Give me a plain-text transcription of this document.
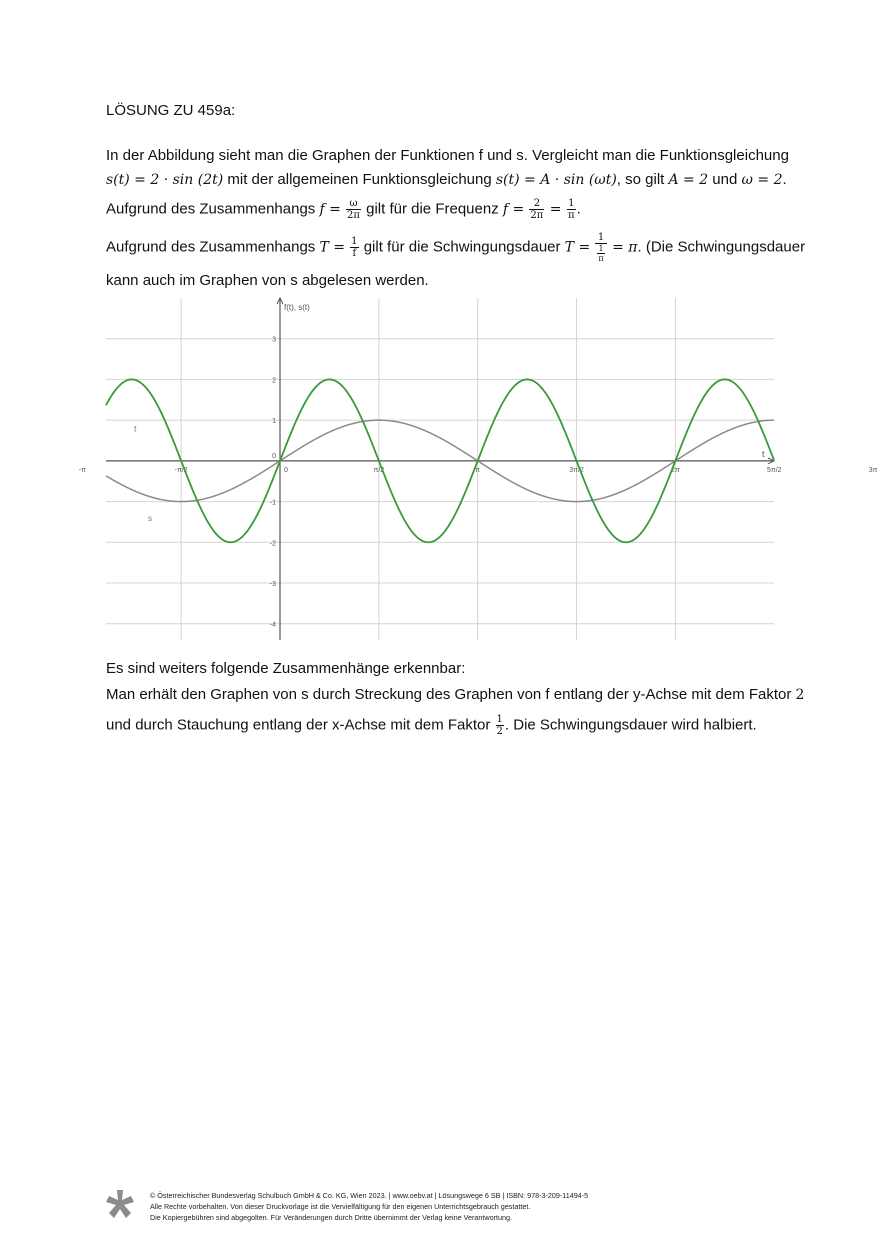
LÖSUNG ZU 459a:
In der Abbildung sieht man die Graphen der Funktionen f und s. Vergleicht man die Funktionsgleichung
s(t) = 2 · sin (2t) mit der allgemeinen Funktionsgleichung s(t) = A · sin (ωt), so gilt A = 2 und ω = 2.
Aufgrund des Zusammenhangs $f = \frac{\omega}{2\pi}$ gilt für die Frequenz $f = \frac{2}{2\pi} = \frac{1}{\pi}$ .
Aufgrund des Zusammenhangs $T = \frac{1}{f}$ gilt für die Schwingungsdauer $T = \frac{1}{\frac{1}{\pi}} = \pi$. (Die Schwingungsdauer
kann auch im Graphen von s abgelesen werden.
f(t), s(t)
t
-π	-π/2	0	π/2	π	3π/2	2π	5π/2	3π
3
2
1
-1
-2
-3
-4
0
f
s
Es sind weiters folgende Zusammenhänge erkennbar:
Man erhält den Graphen von s durch Streckung des Graphen von f entlang der y-Achse mit dem Faktor 2
und durch Stauchung entlang der x-Achse mit dem Faktor $\frac{1}{2}$ . Die Schwingungsdauer wird halbiert.
© Österreichischer Bundesverlag Schulbuch GmbH & Co. KG, Wien 2023. | www.oebv.at | Lösungswege 6 SB | ISBN: 978-3-209-11494-5
Alle Rechte vorbehalten. Von dieser Druckvorlage ist die Vervielfältigung für den eigenen Unterrichtsgebrauch gestattet.
Die Kopiergebühren sind abgegolten. Für Veränderungen durch Dritte übernimmt der Verlag keine Verantwortung.
